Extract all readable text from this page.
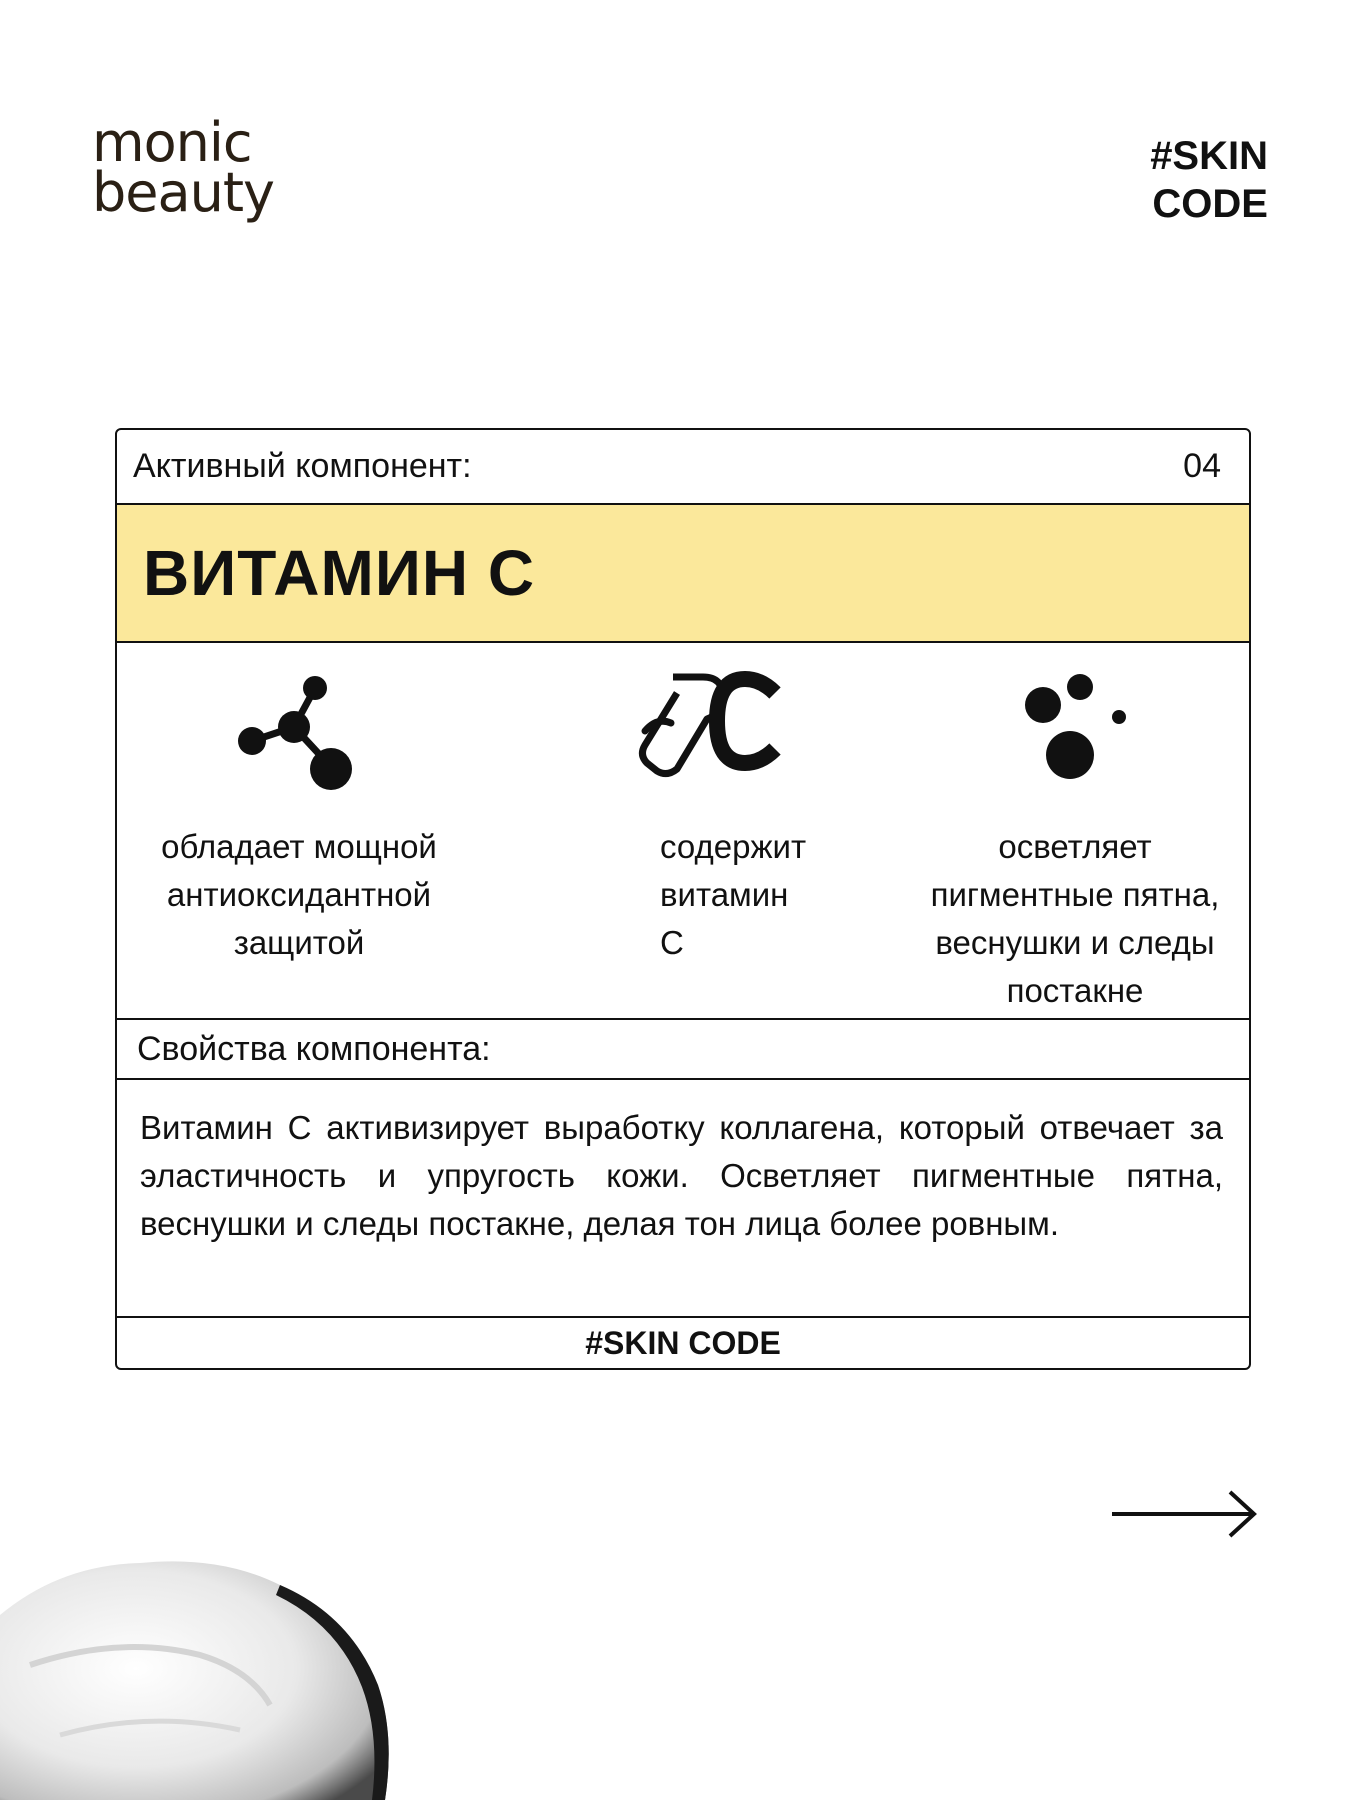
monic
beauty
#SKIN
CODE
Активный компонент:	04
ВИТАМИН С
обладает мощной антиоксидантной защитой
содержит витамин С
осветляет пигментные пятна, веснушки и следы постакне
Свойства компонента:
Витамин С активизирует выработку коллагена, который отвечает за эластичность и упругость кожи. Осветляет пигментные пятна, веснушки и следы постакне, делая тон лица более ровным.
#SKIN CODE
